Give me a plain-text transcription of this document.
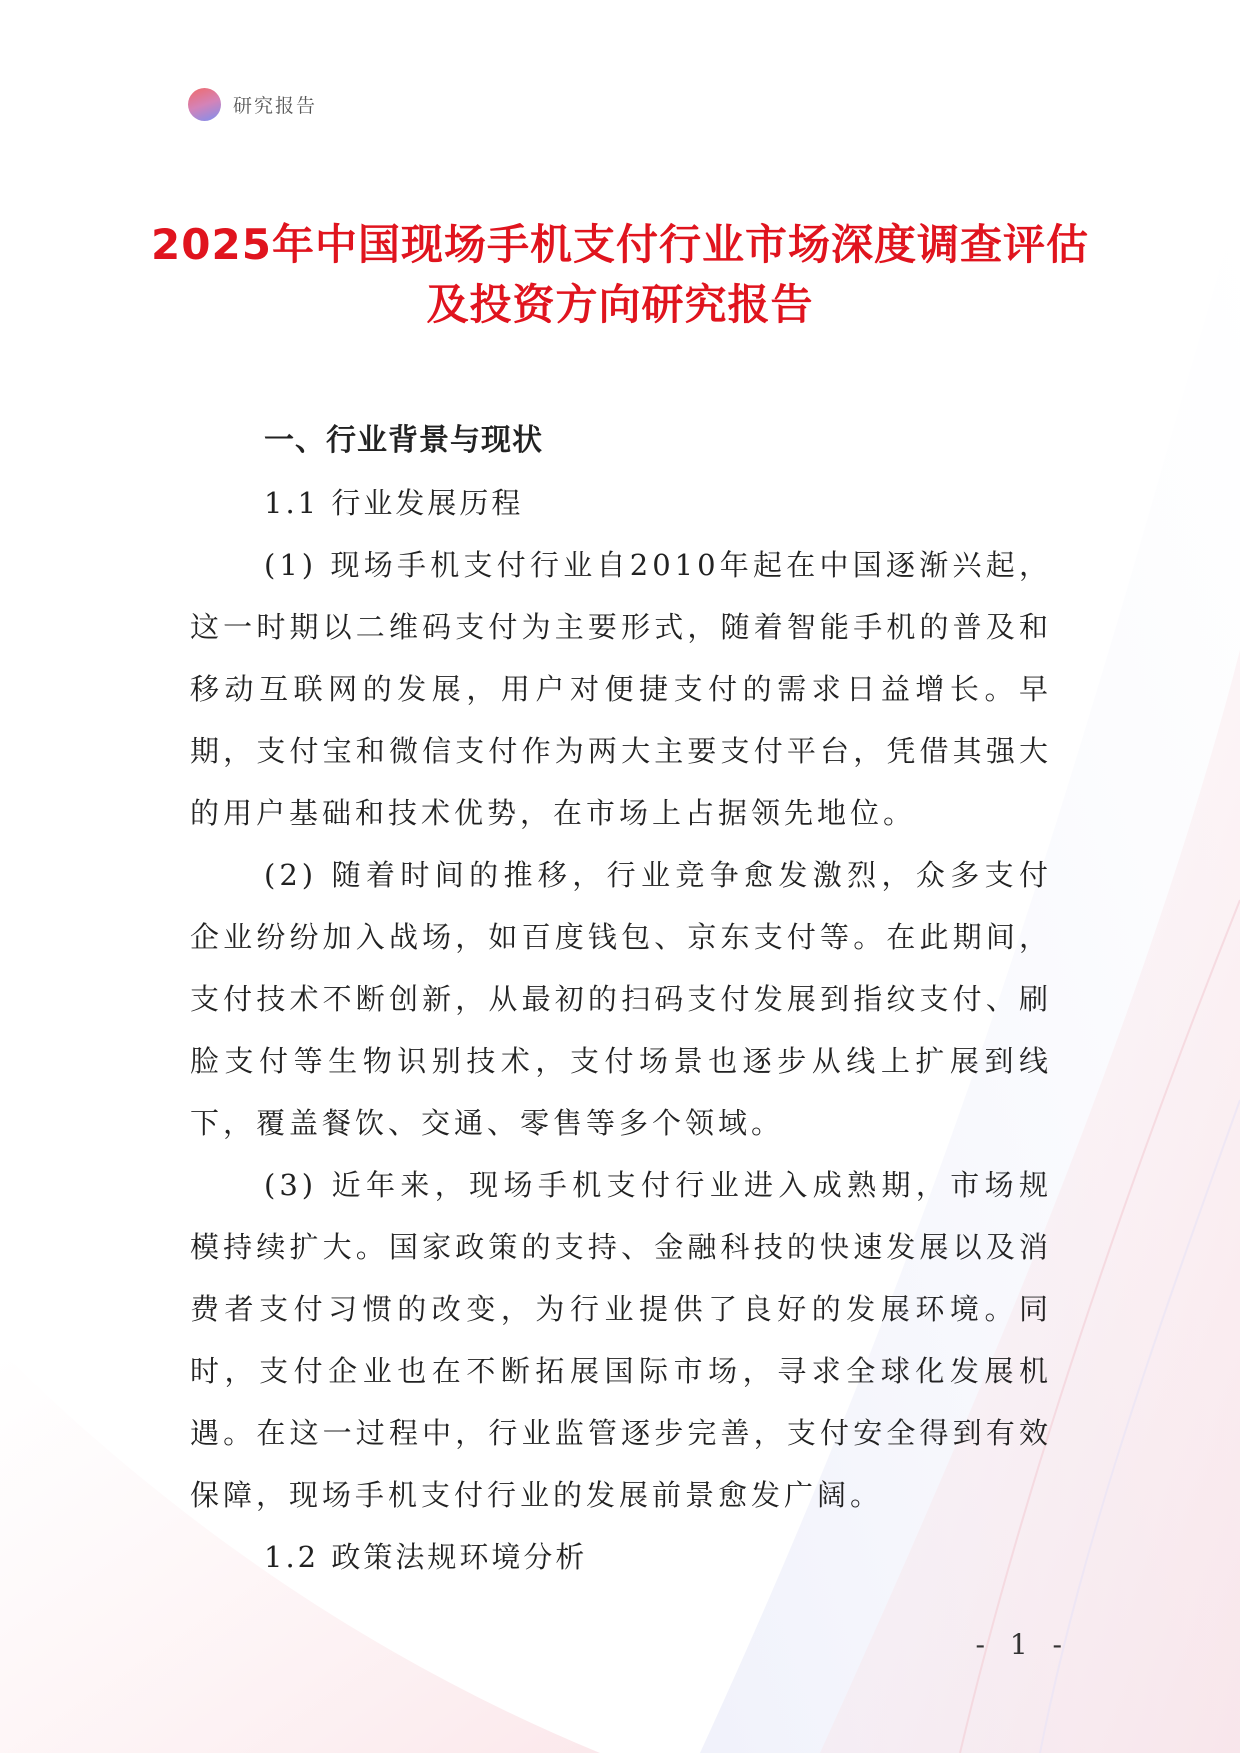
研究报告
2025年中国现场手机支付行业市场深度调查评估及投资方向研究报告

一、行业背景与现状

1.1 行业发展历程

(1) 现场手机支付行业自2010年起在中国逐渐兴起，这一时期以二维码支付为主要形式，随着智能手机的普及和移动互联网的发展，用户对便捷支付的需求日益增长。早期，支付宝和微信支付作为两大主要支付平台，凭借其强大的用户基础和技术优势，在市场上占据领先地位。

(2) 随着时间的推移，行业竞争愈发激烈，众多支付企业纷纷加入战场，如百度钱包、京东支付等。在此期间，支付技术不断创新，从最初的扫码支付发展到指纹支付、刷脸支付等生物识别技术，支付场景也逐步从线上扩展到线下，覆盖餐饮、交通、零售等多个领域。

(3) 近年来，现场手机支付行业进入成熟期，市场规模持续扩大。国家政策的支持、金融科技的快速发展以及消费者支付习惯的改变，为行业提供了良好的发展环境。同时，支付企业也在不断拓展国际市场，寻求全球化发展机遇。在这一过程中，行业监管逐步完善，支付安全得到有效保障，现场手机支付行业的发展前景愈发广阔。

1.2 政策法规环境分析

- 1 -
